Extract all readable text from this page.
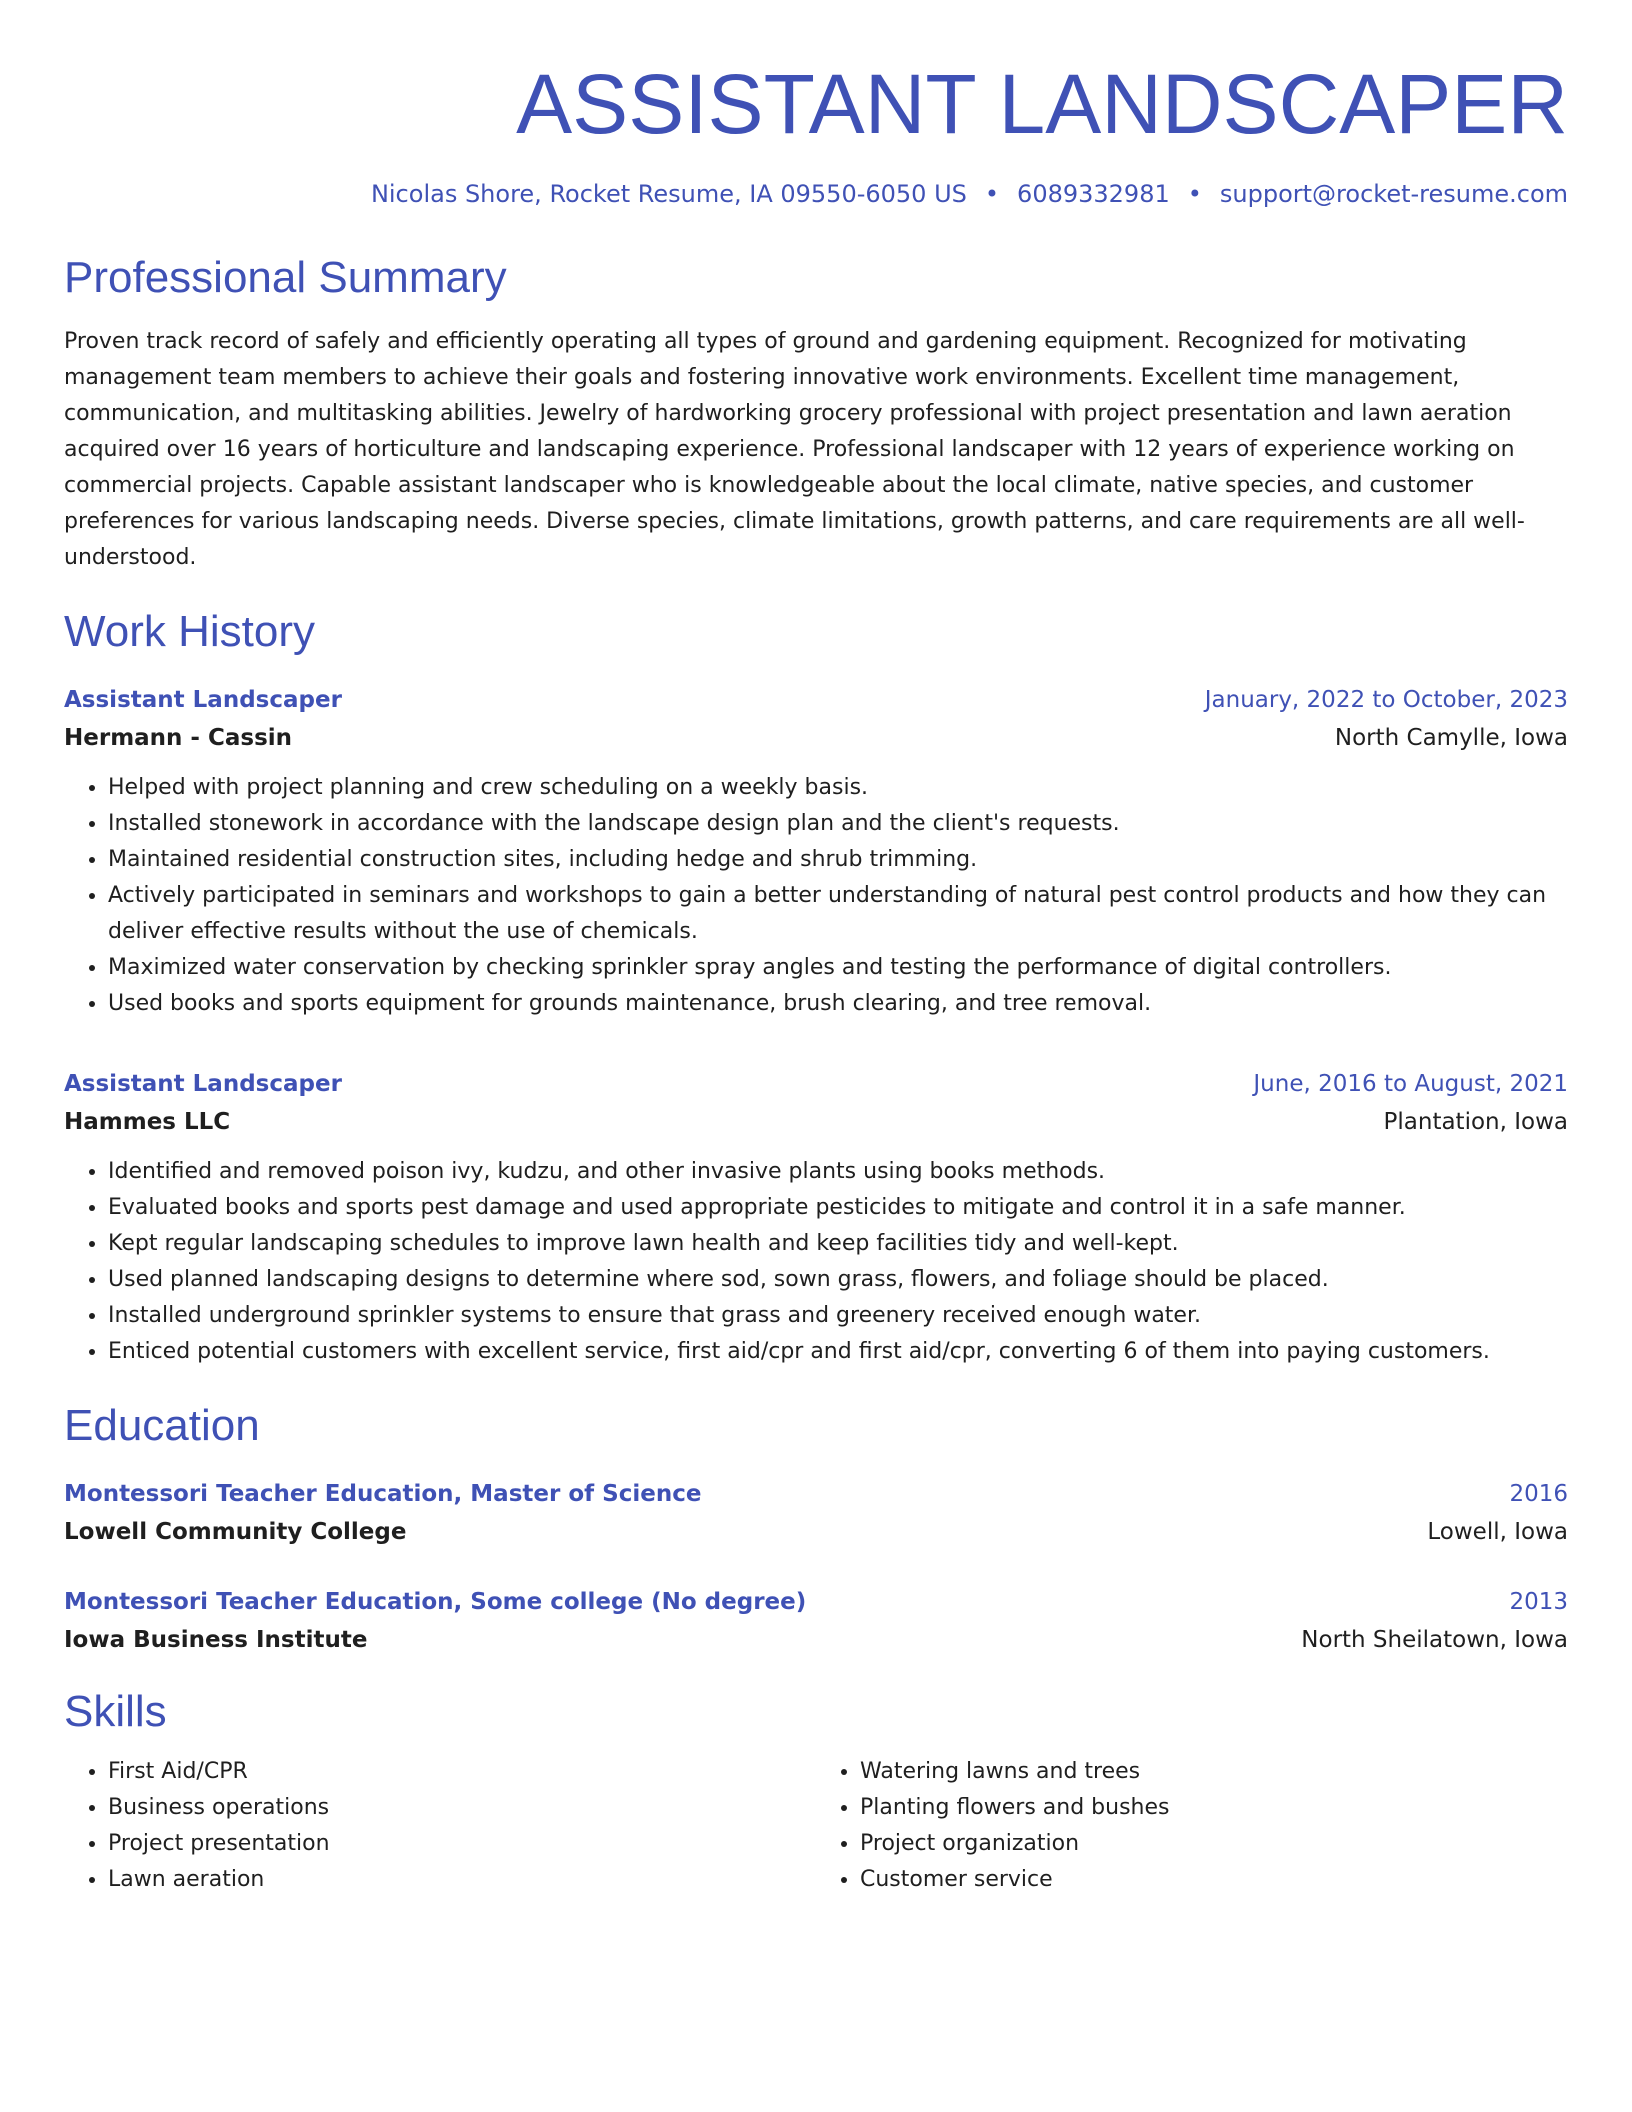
ASSISTANT LANDSCAPER
Nicolas Shore, Rocket Resume, IA 09550-6050 US • 6089332981 • support@rocket-resume.com
Professional Summary

Proven track record of safely and efficiently operating all types of ground and gardening equipment. Recognized for motivating management team members to achieve their goals and fostering innovative work environments. Excellent time management, communication, and multitasking abilities. Jewelry of hardworking grocery professional with project presentation and lawn aeration acquired over 16 years of horticulture and landscaping experience. Professional landscaper with 12 years of experience working on commercial projects. Capable assistant landscaper who is knowledgeable about the local climate, native species, and customer preferences for various landscaping needs. Diverse species, climate limitations, growth patterns, and care requirements are all well-understood.

Work History
Assistant Landscaper	January, 2022 to October, 2023
Hermann - Cassin	North Camylle, Iowa
• Helped with project planning and crew scheduling on a weekly basis.
• Installed stonework in accordance with the landscape design plan and the client's requests.
• Maintained residential construction sites, including hedge and shrub trimming.
• Actively participated in seminars and workshops to gain a better understanding of natural pest control products and how they can deliver effective results without the use of chemicals.
• Maximized water conservation by checking sprinkler spray angles and testing the performance of digital controllers.
• Used books and sports equipment for grounds maintenance, brush clearing, and tree removal.
Assistant Landscaper	June, 2016 to August, 2021
Hammes LLC	Plantation, Iowa
• Identified and removed poison ivy, kudzu, and other invasive plants using books methods.
• Evaluated books and sports pest damage and used appropriate pesticides to mitigate and control it in a safe manner.
• Kept regular landscaping schedules to improve lawn health and keep facilities tidy and well-kept.
• Used planned landscaping designs to determine where sod, sown grass, flowers, and foliage should be placed.
• Installed underground sprinkler systems to ensure that grass and greenery received enough water.
• Enticed potential customers with excellent service, first aid/cpr and first aid/cpr, converting 6 of them into paying customers.
Education
Montessori Teacher Education, Master of Science	2016
Lowell Community College	Lowell, Iowa
Montessori Teacher Education, Some college (No degree)	2013
Iowa Business Institute	North Sheilatown, Iowa
Skills
• First Aid/CPR
• Business operations
• Project presentation
• Lawn aeration
• Watering lawns and trees
• Planting flowers and bushes
• Project organization
• Customer service
